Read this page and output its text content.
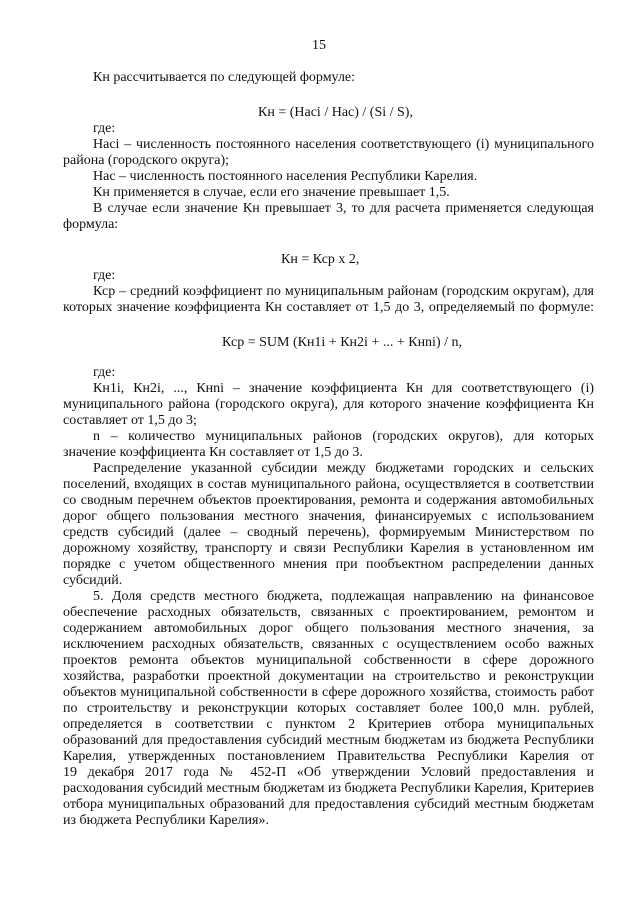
15
Кн рассчитывается по следующей формуле:
Кн = (Насi / Нас) / (Si / S),
где:
Насi – численность постоянного населения соответствующего (i) муниципального
района (городского округа);
Нас – численность постоянного населения Республики Карелия.
Кн применяется в случае, если его значение превышает 1,5.
В случае если значение Кн превышает 3, то для расчета применяется следующая
формула:
Кн = Кср х 2,
где:
Кср – средний коэффициент по муниципальным районам (городским округам), для
которых значение коэффициента Кн составляет от 1,5 до 3, определяемый по формуле:
Кср = SUM (Кн1i + Кн2i + ... + Кнni) / n,
где:
Кн1i, Кн2i, ..., Кнni – значение коэффициента Кн для соответствующего (i)
муниципального района (городского округа), для которого значение коэффициента Кн
составляет от 1,5 до 3;
n – количество муниципальных районов (городских округов), для которых
значение коэффициента Кн составляет от 1,5 до 3.
Распределение указанной субсидии между бюджетами городских и сельских
поселений, входящих в состав муниципального района, осуществляется в соответствии
со сводным перечнем объектов проектирования, ремонта и содержания автомобильных
дорог общего пользования местного значения, финансируемых с использованием
средств субсидий (далее – сводный перечень), формируемым Министерством по
дорожному хозяйству, транспорту и связи Республики Карелия в установленном им
порядке с учетом общественного мнения при пообъектном распределении данных
субсидий.
5. Доля средств местного бюджета, подлежащая направлению на финансовое
обеспечение расходных обязательств, связанных с проектированием, ремонтом и
содержанием автомобильных дорог общего пользования местного значения, за
исключением расходных обязательств, связанных с осуществлением особо важных
проектов ремонта объектов муниципальной собственности в сфере дорожного
хозяйства, разработки проектной документации на строительство и реконструкции
объектов муниципальной собственности в сфере дорожного хозяйства, стоимость работ
по строительству и реконструкции которых составляет более 100,0 млн. рублей,
определяется в соответствии с пунктом 2 Критериев отбора муниципальных
образований для предоставления субсидий местным бюджетам из бюджета Республики
Карелия, утвержденных постановлением Правительства Республики Карелия от
19 декабря 2017 года № 452-П «Об утверждении Условий предоставления и
расходования субсидий местным бюджетам из бюджета Республики Карелия, Критериев
отбора муниципальных образований для предоставления субсидий местным бюджетам
из бюджета Республики Карелия».
